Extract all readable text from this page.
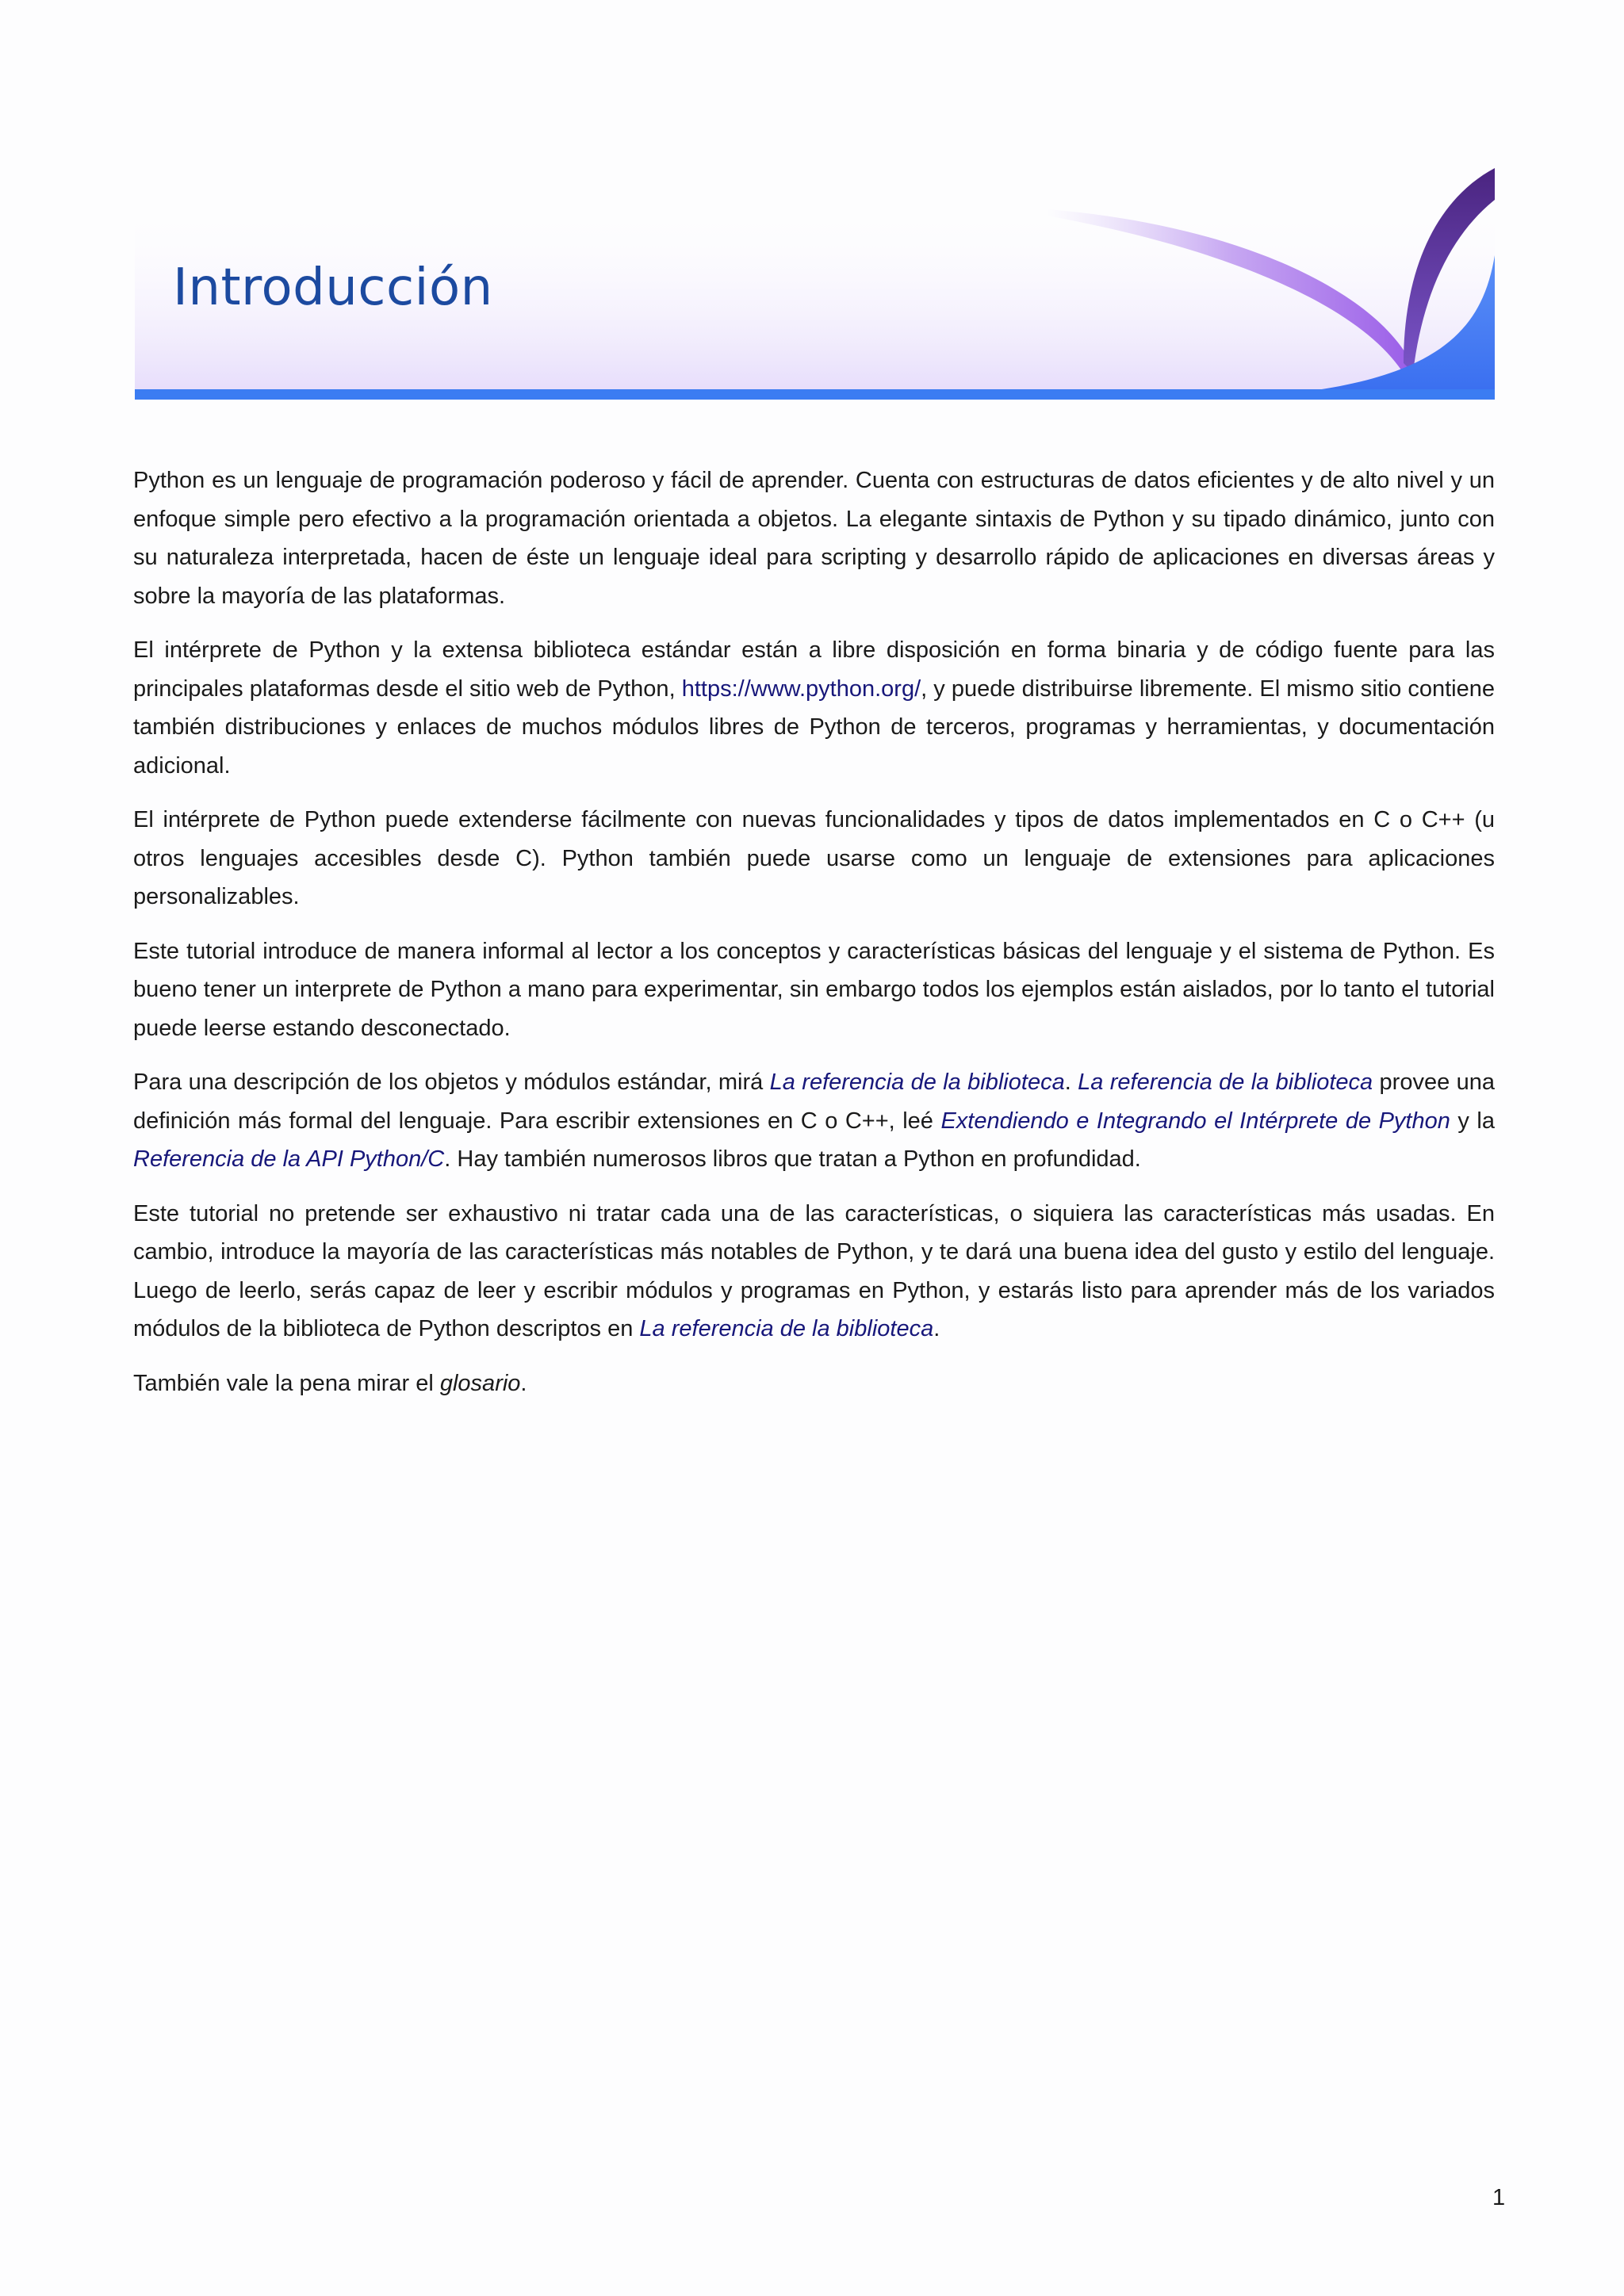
Introducción

Python es un lenguaje de programación poderoso y fácil de aprender. Cuenta con estructuras de datos eficientes y de alto nivel y un enfoque simple pero efectivo a la programación orientada a objetos. La elegante sintaxis de Python y su tipado dinámico, junto con su naturaleza interpretada, hacen de éste un lenguaje ideal para scripting y desarrollo rápido de aplicaciones en diversas áreas y sobre la mayoría de las plataformas.

El intérprete de Python y la extensa biblioteca estándar están a libre disposición en forma binaria y de código fuente para las principales plataformas desde el sitio web de Python, https://www.python.org/, y puede distribuirse libremente. El mismo sitio contiene también distribuciones y enlaces de muchos módulos libres de Python de terceros, programas y herramientas, y documentación adicional.

El intérprete de Python puede extenderse fácilmente con nuevas funcionalidades y tipos de datos implementados en C o C++ (u otros lenguajes accesibles desde C). Python también puede usarse como un lenguaje de extensiones para aplicaciones personalizables.

Este tutorial introduce de manera informal al lector a los conceptos y características básicas del lenguaje y el sistema de Python. Es bueno tener un interprete de Python a mano para experimentar, sin embargo todos los ejemplos están aislados, por lo tanto el tutorial puede leerse estando desconectado.

Para una descripción de los objetos y módulos estándar, mirá La referencia de la biblioteca. La referencia de la biblioteca provee una definición más formal del lenguaje. Para escribir extensiones en C o C++, leé Extendiendo e Integrando el Intérprete de Python y la Referencia de la API Python/C. Hay también numerosos libros que tratan a Python en profundidad.

Este tutorial no pretende ser exhaustivo ni tratar cada una de las características, o siquiera las características más usadas. En cambio, introduce la mayoría de las características más notables de Python, y te dará una buena idea del gusto y estilo del lenguaje. Luego de leerlo, serás capaz de leer y escribir módulos y programas en Python, y estarás listo para aprender más de los variados módulos de la biblioteca de Python descriptos en La referencia de la biblioteca.

También vale la pena mirar el glosario.

1
